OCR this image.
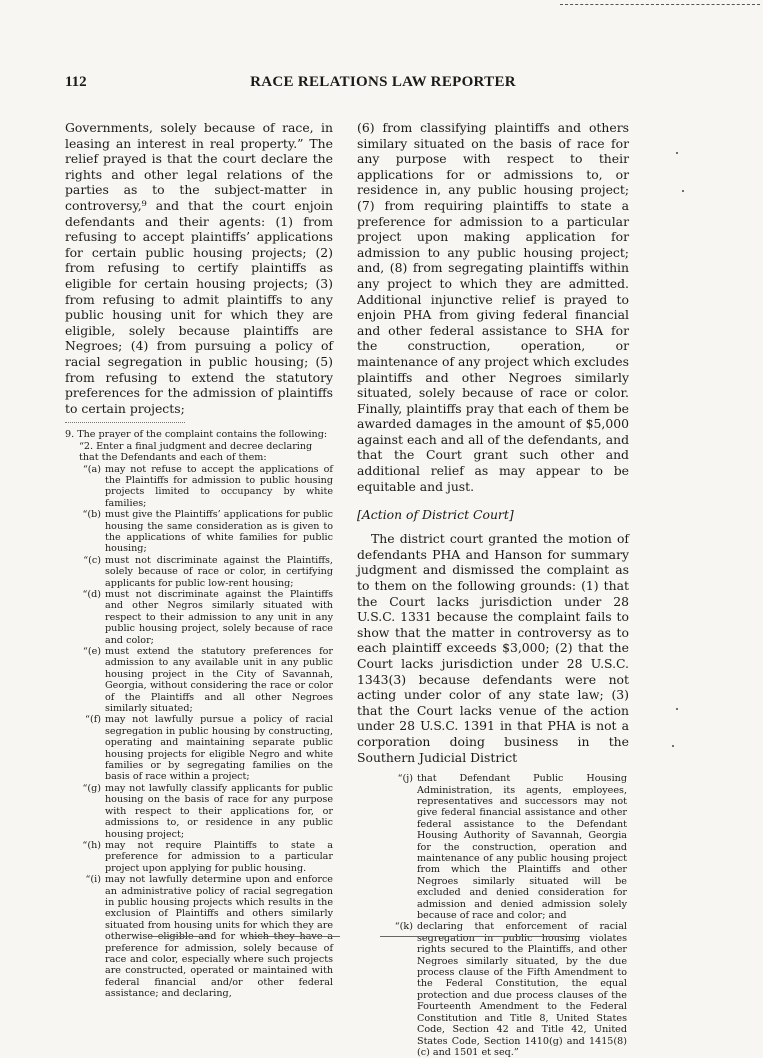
112	RACE RELATIONS LAW REPORTER

Governments, solely because of race, in leasing an interest in real property.” The relief prayed is that the court declare the rights and other legal relations of the parties as to the subject-matter in controversy,⁹ and that the court enjoin defendants and their agents: (1) from refusing to accept plaintiffs’ applications for certain public housing projects; (2) from refusing to certify plaintiffs as eligible for certain housing projects; (3) from refusing to admit plaintiffs to any public housing unit for which they are eligible, solely because plaintiffs are Negroes; (4) from pursuing a policy of racial segregation in public housing; (5) from refusing to extend the statutory preferences for the admission of plaintiffs to certain projects;

9. The prayer of the complaint contains the following:

“2. Enter a final judgment and decree declaring that the Defendants and each of them:

“(a) may not refuse to accept the applications of the Plaintiffs for admission to public housing projects limited to occupancy by white families;
“(b) must give the Plaintiffs’ applications for public housing the same consideration as is given to the applications of white families for public housing;
“(c) must not discriminate against the Plaintiffs, solely because of race or color, in certifying applicants for public low-rent housing;
“(d) must not discriminate against the Plaintiffs and other Negros similarly situated with respect to their admission to any unit in any public housing project, solely because of race and color;
“(e) must extend the statutory preferences for admission to any available unit in any public housing project in the City of Savannah, Georgia, without considering the race or color of the Plaintiffs and all other Negroes similarly situated;
“(f) may not lawfully pursue a policy of racial segregation in public housing by constructing, operating and maintaining separate public housing projects for eligible Negro and white families or by segregating families on the basis of race within a project;
“(g) may not lawfully classify applicants for public housing on the basis of race for any purpose with respect to their applications for, or admissions to, or residence in any public housing project;
“(h) may not require Plaintiffs to state a preference for admission to a particular project upon applying for public housing.
“(i) may not lawfully determine upon and enforce an administrative policy of racial segregation in public housing projects which results in the exclusion of Plaintiffs and others similarly situated from housing units for which they are otherwise eligible and for which they have a preference for admission, solely because of race and color, especially where such projects are constructed, operated or maintained with federal financial and/or other federal assistance; and declaring,

(6) from classifying plaintiffs and others similary situated on the basis of race for any purpose with respect to their applications for or admissions to, or residence in, any public housing project; (7) from requiring plaintiffs to state a preference for admission to a particular project upon making application for admission to any public housing project; and, (8) from segregating plaintiffs within any project to which they are admitted. Additional injunctive relief is prayed to enjoin PHA from giving federal financial and other federal assistance to SHA for the construction, operation, or maintenance of any project which excludes plaintiffs and other Negroes similarly situated, solely because of race or color. Finally, plaintiffs pray that each of them be awarded damages in the amount of $5,000 against each and all of the defendants, and that the Court grant such other and additional relief as may appear to be equitable and just.

[Action of District Court]

The district court granted the motion of defendants PHA and Hanson for summary judgment and dismissed the complaint as to them on the following grounds: (1) that the Court lacks jurisdiction under 28 U.S.C. 1331 because the complaint fails to show that the matter in controversy as to each plaintiff exceeds $3,000; (2) that the Court lacks jurisdiction under 28 U.S.C. 1343(3) because defendants were not acting under color of any state law; (3) that the Court lacks venue of the action under 28 U.S.C. 1391 in that PHA is not a corporation doing business in the Southern Judicial District

“(j) that Defendant Public Housing Administration, its agents, employees, representatives and successors may not give federal financial assistance and other federal assistance to the Defendant Housing Authority of Savannah, Georgia for the construction, operation and maintenance of any public housing project from which the Plaintiffs and other Negroes similarly situated will be excluded and denied consideration for admission and denied admission solely because of race and color; and
“(k) declaring that enforcement of racial segregation in public housing violates rights secured to the Plaintiffs, and other Negroes similarly situated, by the due process clause of the Fifth Amendment to the Federal Constitution, the equal protection and due process clauses of the Fourteenth Amendment to the Federal Constitution and Title 8, United States Code, Section 42 and Title 42, United States Code, Section 1410(g) and 1415(8)(c) and 1501 et seq.”
